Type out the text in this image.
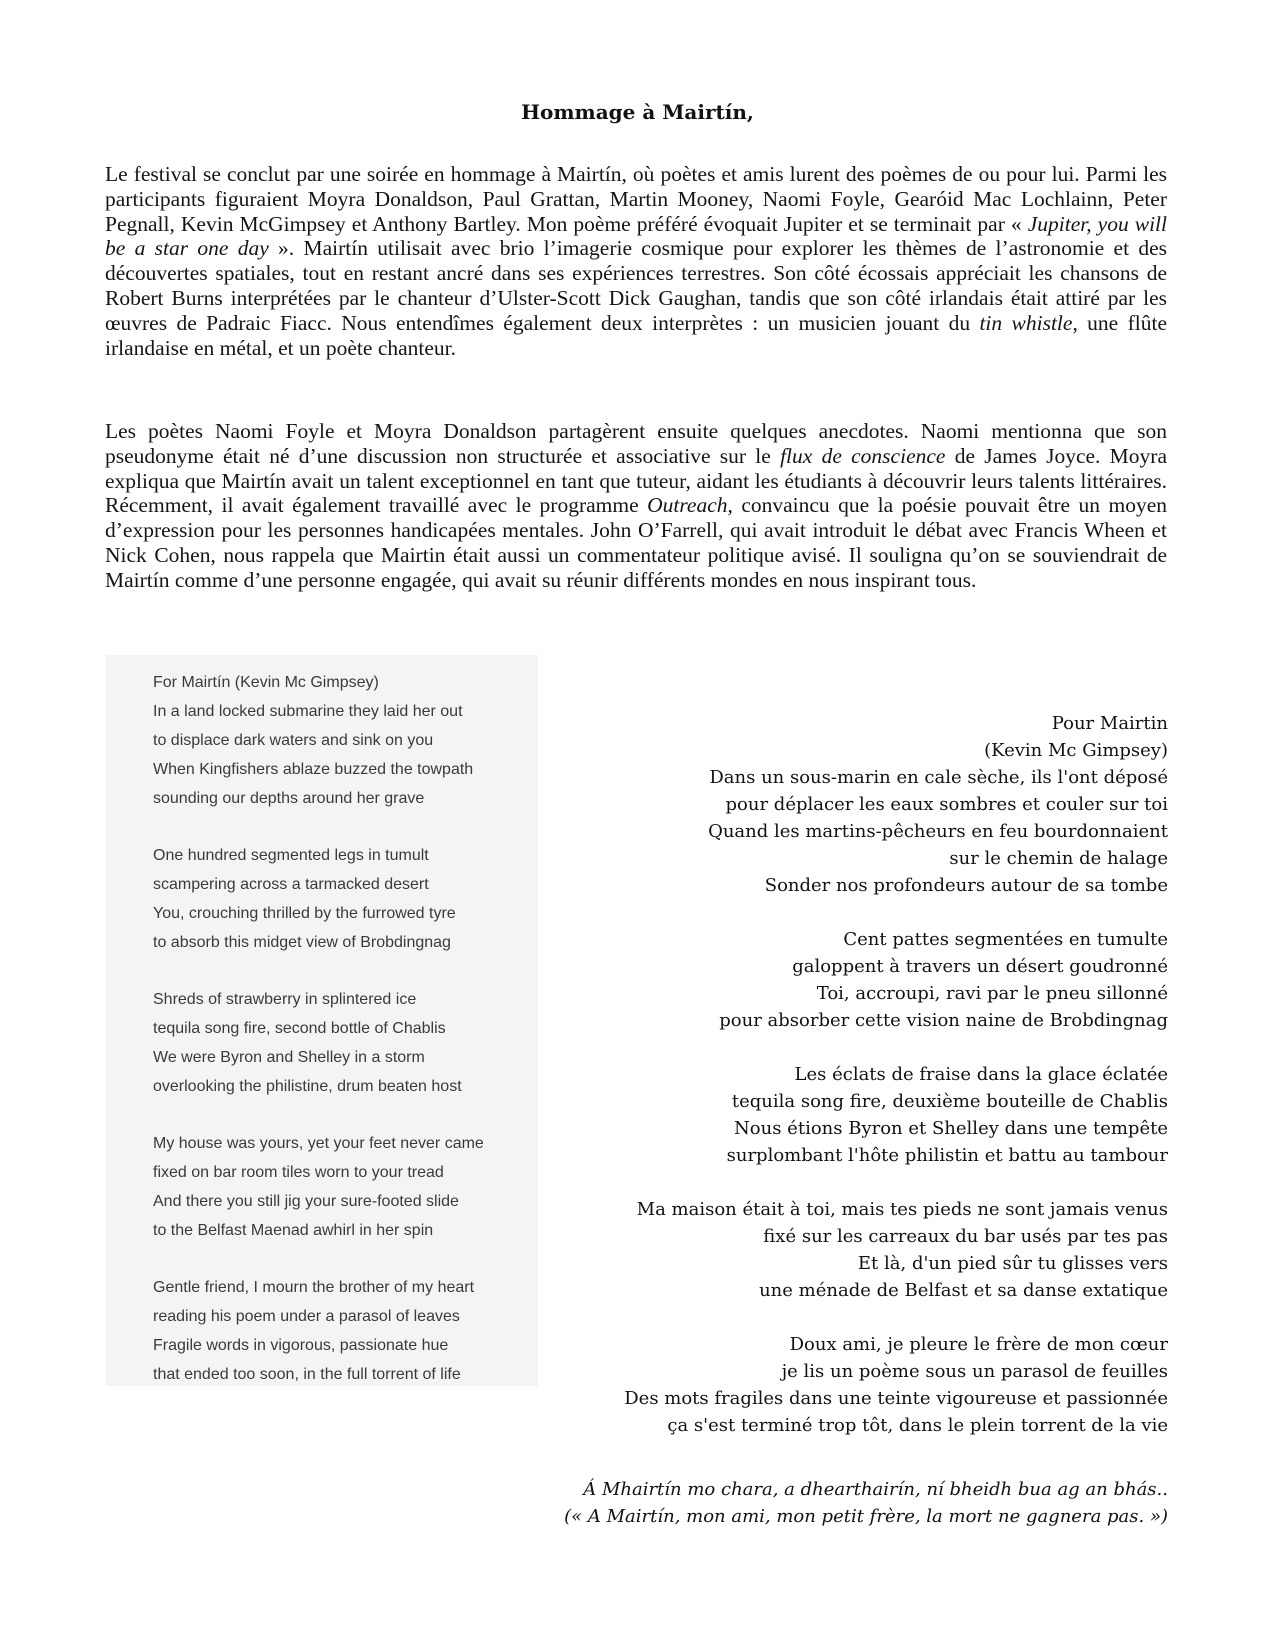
Hommage à Mairtín,
Le festival se conclut par une soirée en hommage à Mairtín, où poètes et amis lurent des poèmes de ou pour lui. Parmi les participants figuraient Moyra Donaldson, Paul Grattan, Martin Mooney, Naomi Foyle, Gearóid Mac Lochlainn, Peter Pegnall, Kevin McGimpsey et Anthony Bartley. Mon poème préféré évoquait Jupiter et se terminait par « Jupiter, you will be a star one day ». Mairtín utilisait avec brio l’imagerie cosmique pour explorer les thèmes de l’astronomie et des découvertes spatiales, tout en restant ancré dans ses expériences terrestres. Son côté écossais appréciait les chansons de Robert Burns interprétées par le chanteur d’Ulster-Scott Dick Gaughan, tandis que son côté irlandais était attiré par les œuvres de Padraic Fiacc. Nous entendîmes également deux interprètes : un musicien jouant du tin whistle, une flûte irlandaise en métal, et un poète chanteur.
Les poètes Naomi Foyle et Moyra Donaldson partagèrent ensuite quelques anecdotes. Naomi mentionna que son pseudonyme était né d’une discussion non structurée et associative sur le flux de conscience de James Joyce. Moyra expliqua que Mairtín avait un talent exceptionnel en tant que tuteur, aidant les étudiants à découvrir leurs talents littéraires. Récemment, il avait également travaillé avec le programme Outreach, convaincu que la poésie pouvait être un moyen d’expression pour les personnes handicapées mentales. John O’Farrell, qui avait introduit le débat avec Francis Wheen et Nick Cohen, nous rappela que Mairtin était aussi un commentateur politique avisé. Il souligna qu’on se souviendrait de Mairtín comme d’une personne engagée, qui avait su réunir différents mondes en nous inspirant tous.
For Mairtín (Kevin Mc Gimpsey)
In a land locked submarine they laid her out
to displace dark waters and sink on you
When Kingfishers ablaze buzzed the towpath
sounding our depths around her grave
One hundred segmented legs in tumult
scampering across a tarmacked desert
You, crouching thrilled by the furrowed tyre
to absorb this midget view of Brobdingnag
Shreds of strawberry in splintered ice
tequila song fire, second bottle of Chablis
We were Byron and Shelley in a storm
overlooking the philistine, drum beaten host
My house was yours, yet your feet never came
fixed on bar room tiles worn to your tread
And there you still jig your sure-footed slide
to the Belfast Maenad awhirl in her spin
Gentle friend, I mourn the brother of my heart
reading his poem under a parasol of leaves
Fragile words in vigorous, passionate hue
that ended too soon, in the full torrent of life
Pour Mairtin
(Kevin Mc Gimpsey)
Dans un sous-marin en cale sèche, ils l'ont déposé
pour déplacer les eaux sombres et couler sur toi
Quand les martins-pêcheurs en feu bourdonnaient
sur le chemin de halage
Sonder nos profondeurs autour de sa tombe
Cent pattes segmentées en tumulte
galoppent à travers un désert goudronné
Toi, accroupi, ravi par le pneu sillonné
pour absorber cette vision naine de Brobdingnag
Les éclats de fraise dans la glace éclatée
tequila song fire, deuxième bouteille de Chablis
Nous étions Byron et Shelley dans une tempête
surplombant l'hôte philistin et battu au tambour
Ma maison était à toi, mais tes pieds ne sont jamais venus
fixé sur les carreaux du bar usés par tes pas
Et là, d'un pied sûr tu glisses vers
une ménade de Belfast et sa danse extatique
Doux ami, je pleure le frère de mon cœur
je lis un poème sous un parasol de feuilles
Des mots fragiles dans une teinte vigoureuse et passionnée
ça s'est terminé trop tôt, dans le plein torrent de la vie
Á Mhairtín mo chara, a dhearthairín, ní bheidh bua ag an bhás..
(« A Mairtín, mon ami, mon petit frère, la mort ne gagnera pas. »)
